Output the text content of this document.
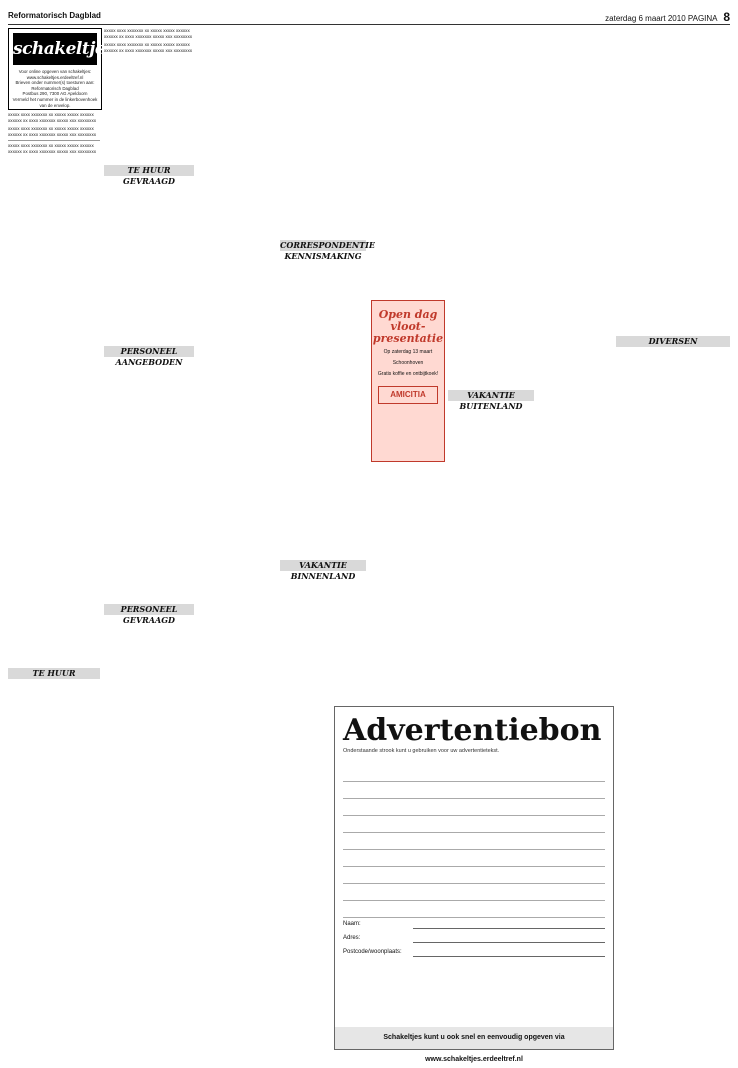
Reformatorisch Dagblad	zaterdag 6 maart 2010 PAGINA 8
schakeltjes
Voor online opgeven van schakeltjes:
www.schakeltjes.erdeeltref.nl
Brieven onder nummer(s) toesturen aan:
Reformatorisch Dagblad
Postbus 290, 7300 AG Apeldoorn
Vermeld het nummer in de linkerbovenhoek van de envelop.

xxxxx xxxx xxxxxxx xx xxxxx xxxxx xxxxxx xxxxxx xx xxxx xxxxxxx xxxxx xxx xxxxxxxx

xxxxx xxxx xxxxxxx xx xxxxx xxxxx xxxxxx xxxxxx xx xxxx xxxxxxx xxxxx xxx xxxxxxxx

xxxxx xxxx xxxxxxx xx xxxxx xxxxx xxxxxx xxxxxx xx xxxx xxxxxxx xxxxx xxx xxxxxxxx

TE HUUR
TE HUUR GEVRAAGD
PERSONEEL AANGEBODEN
PERSONEEL GEVRAAGD

xxxxx xxxx xxxxxxx xx xxxxx xxxxx xxxxxx xxxxxx xx xxxx xxxxxxx xxxxx xxx xxxxxxxx

xxxxx xxxx xxxxxxx xx xxxxx xxxxx xxxxxx xxxxxx xx xxxx xxxxxxx xxxxx xxx xxxxxxxx

CORRESPONDENTIE KENNISMAKING
VAKANTIE BINNENLAND
VAKANTIE BUITENLAND
DIVERSEN
Open dag vloot-presentatie
Op zaterdag 13 maart
Schoonhoven
Gratis koffie en ontbijtkoek!
AMICITIA
Advertentiebon
Onderstaande strook kunt u gebruiken voor uw advertentietekst.
Naam:
Adres:
Postcode/woonplaats:
Schakeltjes kunt u ook snel en eenvoudig opgeven via www.schakeltjes.erdeeltref.nl
